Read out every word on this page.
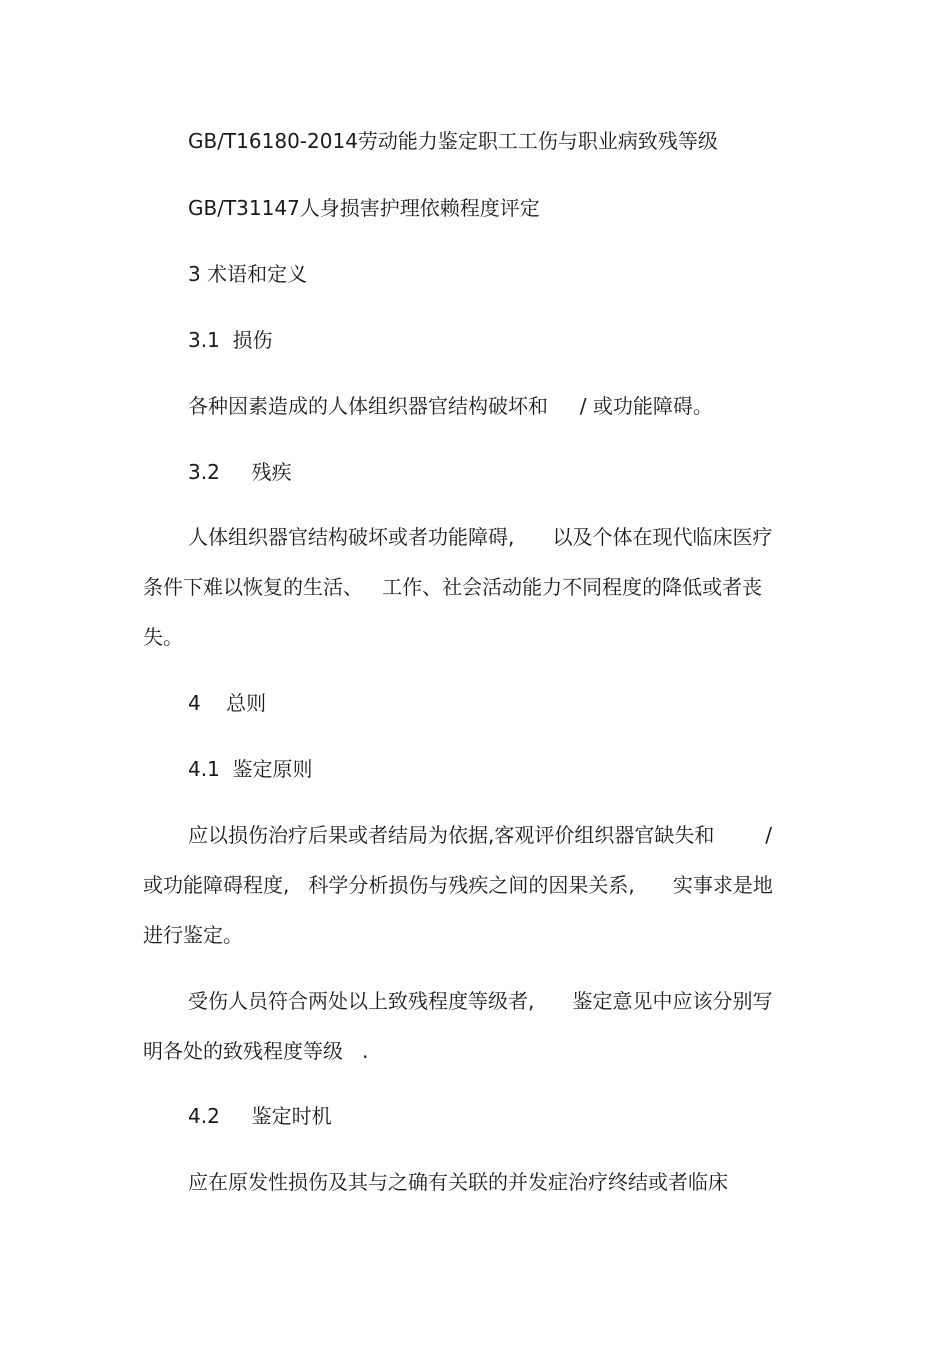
GB/T16180-2014劳动能力鉴定职工工伤与职业病致残等级
GB/T31147人身损害护理依赖程度评定
3 术语和定义
3.1  损伤
各种因素造成的人体组织器官结构破坏和     / 或功能障碍。
3.2     残疾
人体组织器官结构破坏或者功能障碍,      以及个体在现代临床医疗
条件下难以恢复的生活、   工作、社会活动能力不同程度的降低或者丧
失。
4    总则
4.1  鉴定原则
应以损伤治疗后果或者结局为依据,客观评价组织器官缺失和        /
或功能障碍程度,   科学分析损伤与残疾之间的因果关系,      实事求是地
进行鉴定。
受伤人员符合两处以上致残程度等级者,      鉴定意见中应该分别写
明各处的致残程度等级   .
4.2     鉴定时机
应在原发性损伤及其与之确有关联的并发症治疗终结或者临床
